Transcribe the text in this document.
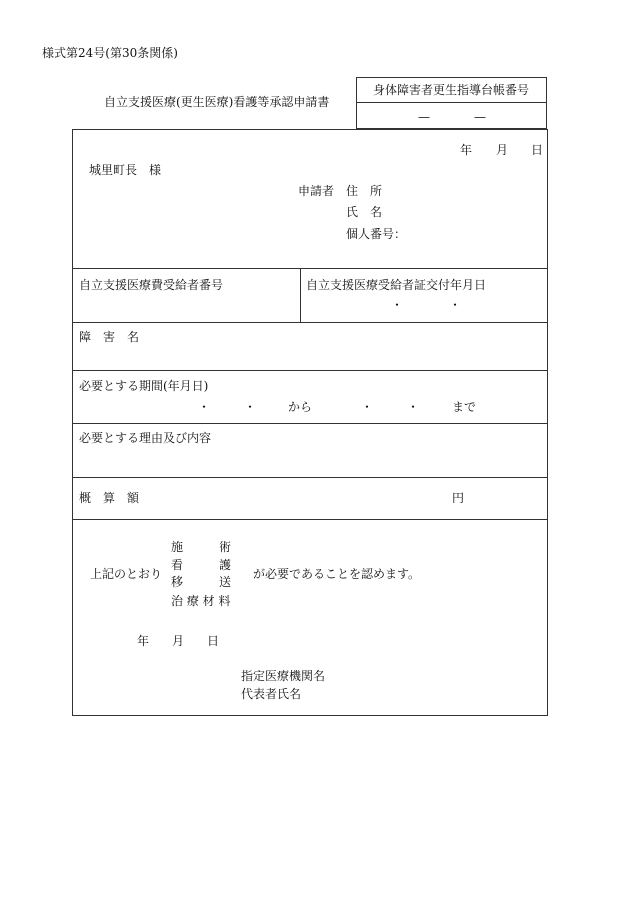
様式第24号(第30条関係)
自立支援医療(更生医療)看護等承認申請書
身体障害者更生指導台帳番号
—	—
年 月 日
城里町長　様
申請者 住　所
氏　名
個人番号：
自立支援医療費受給者番号	自立支援医療受給者証交付年月日
・	・
障　害　名
必要とする期間(年月日)
・	・	から	・	・	まで
必要とする理由及び内容
概　算　額	円
上記のとおり
施　　　術
看　　　護
移　　　送
治 療 材 料
が必要であることを認めます。
年 月 日
指定医療機関名
代表者氏名
